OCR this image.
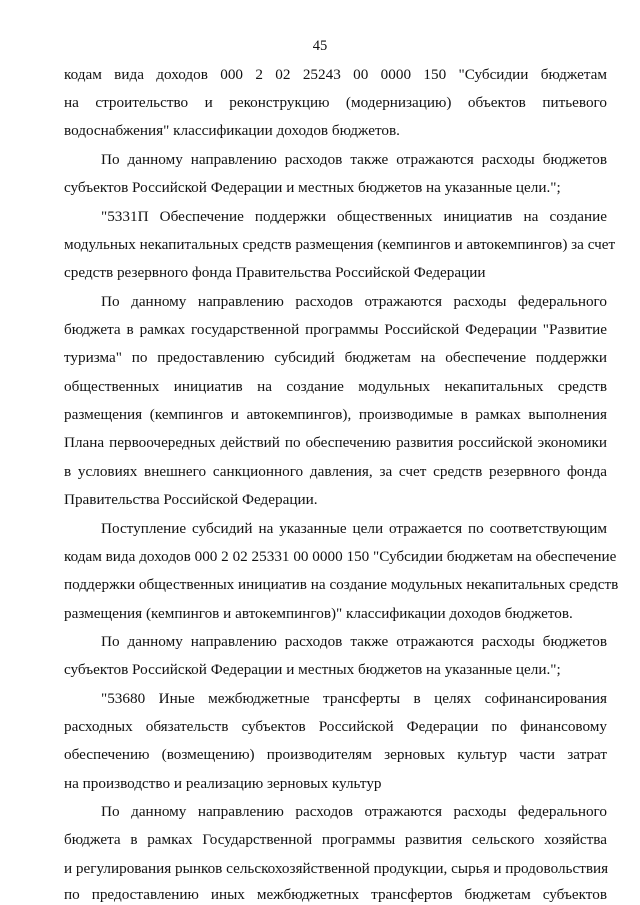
45
кодам вида доходов 000 2 02 25243 00 0000 150 "Субсидии бюджетам
на строительство и реконструкцию (модернизацию) объектов питьевого
водоснабжения" классификации доходов бюджетов.
По данному направлению расходов также отражаются расходы бюджетов
субъектов Российской Федерации и местных бюджетов на указанные цели.";
"5331П Обеспечение поддержки общественных инициатив на создание
модульных некапитальных средств размещения (кемпингов и автокемпингов) за счет
средств резервного фонда Правительства Российской Федерации
По данному направлению расходов отражаются расходы федерального
бюджета в рамках государственной программы Российской Федерации "Развитие
туризма" по предоставлению субсидий бюджетам на обеспечение поддержки
общественных инициатив на создание модульных некапитальных средств
размещения (кемпингов и автокемпингов), производимые в рамках выполнения
Плана первоочередных действий по обеспечению развития российской экономики
в условиях внешнего санкционного давления, за счет средств резервного фонда
Правительства Российской Федерации.
Поступление субсидий на указанные цели отражается по соответствующим
кодам вида доходов 000 2 02 25331 00 0000 150 "Субсидии бюджетам на обеспечение
поддержки общественных инициатив на создание модульных некапитальных средств
размещения (кемпингов и автокемпингов)" классификации доходов бюджетов.
По данному направлению расходов также отражаются расходы бюджетов
субъектов Российской Федерации и местных бюджетов на указанные цели.";
"53680 Иные межбюджетные трансферты в целях софинансирования
расходных обязательств субъектов Российской Федерации по финансовому
обеспечению (возмещению) производителям зерновых культур части затрат
на производство и реализацию зерновых культур
По данному направлению расходов отражаются расходы федерального
бюджета в рамках Государственной программы развития сельского хозяйства
и регулирования рынков сельскохозяйственной продукции, сырья и продовольствия
по предоставлению иных межбюджетных трансфертов бюджетам субъектов
